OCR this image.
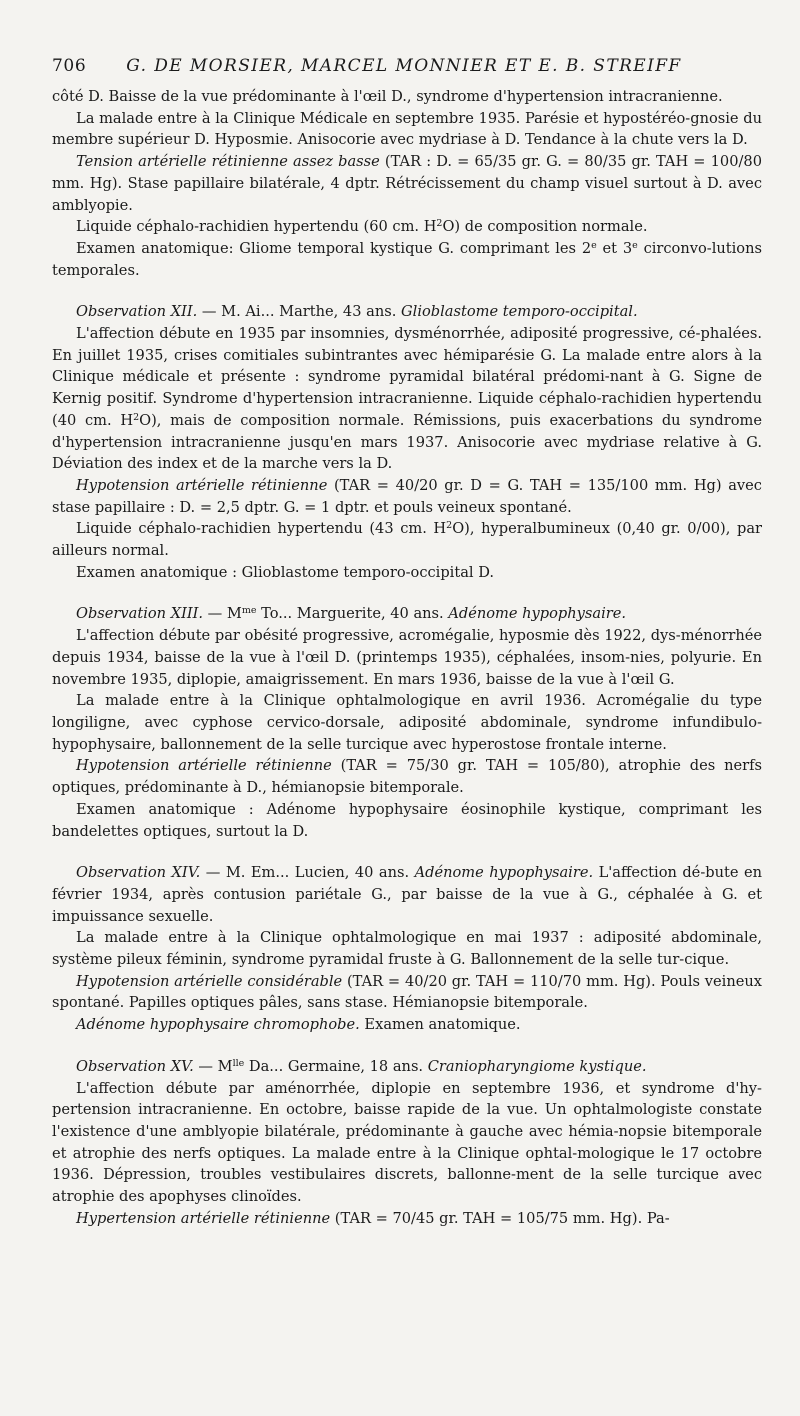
706 G. DE MORSIER, MARCEL MONNIER ET E. B. STREIFF

côté D. Baisse de la vue prédominante à l'œil D., syndrome d'hypertension intracranienne.

La malade entre à la Clinique Médicale en septembre 1935. Parésie et hypostéréo-gnosie du membre supérieur D. Hyposmie. Anisocorie avec mydriase à D. Tendance à la chute vers la D.

Tension artérielle rétinienne assez basse (TAR : D. = 65/35 gr. G. = 80/35 gr. TAH = 100/80 mm. Hg). Stase papillaire bilatérale, 4 dptr. Rétrécissement du champ visuel surtout à D. avec amblyopie.

Liquide céphalo-rachidien hypertendu (60 cm. $H^2O$) de composition normale.

Examen anatomique: Gliome temporal kystique G. comprimant les 2e et 3e circonvo-lutions temporales.

Observation XII. — M. Ai... Marthe, 43 ans. Glioblastome temporo-occipital.

L'affection débute en 1935 par insomnies, dysménorrhée, adiposité progressive, cé-phalées. En juillet 1935, crises comitiales subintrantes avec hémiparésie G. La malade entre alors à la Clinique médicale et présente : syndrome pyramidal bilatéral prédomi-nant à G. Signe de Kernig positif. Syndrome d'hypertension intracranienne. Liquide céphalo-rachidien hypertendu (40 cm. $H^2O$), mais de composition normale. Rémissions, puis exacerbations du syndrome d'hypertension intracranienne jusqu'en mars 1937. Anisocorie avec mydriase relative à G. Déviation des index et de la marche vers la D.

Hypotension artérielle rétinienne (TAR = 40/20 gr. D = G. TAH = 135/100 mm. Hg) avec stase papillaire : D. = 2,5 dptr. G. = 1 dptr. et pouls veineux spontané.

Liquide céphalo-rachidien hypertendu (43 cm. $H^2O$), hyperalbumineux (0,40 gr. 0/00), par ailleurs normal.

Examen anatomique : Glioblastome temporo-occipital D.

Observation XIII. — $M^{me}$ To... Marguerite, 40 ans. Adénome hypophysaire.

L'affection débute par obésité progressive, acromégalie, hyposmie dès 1922, dys-ménorrhée depuis 1934, baisse de la vue à l'œil D. (printemps 1935), céphalées, insom-nies, polyurie. En novembre 1935, diplopie, amaigrissement. En mars 1936, baisse de la vue à l'œil G.

La malade entre à la Clinique ophtalmologique en avril 1936. Acromégalie du type longiligne, avec cyphose cervico-dorsale, adiposité abdominale, syndrome infundibulo-hypophysaire, ballonnement de la selle turcique avec hyperostose frontale interne.

Hypotension artérielle rétinienne (TAR = 75/30 gr. TAH = 105/80), atrophie des nerfs optiques, prédominante à D., hémianopsie bitemporale.

Examen anatomique : Adénome hypophysaire éosinophile kystique, comprimant les bandelettes optiques, surtout la D.

Observation XIV. — M. Em... Lucien, 40 ans. Adénome hypophysaire. L'affection dé-bute en février 1934, après contusion pariétale G., par baisse de la vue à G., céphalée à G. et impuissance sexuelle.

La malade entre à la Clinique ophtalmologique en mai 1937 : adiposité abdominale, système pileux féminin, syndrome pyramidal fruste à G. Ballonnement de la selle tur-cique.

Hypotension artérielle considérable (TAR = 40/20 gr. TAH = 110/70 mm. Hg). Pouls veineux spontané. Papilles optiques pâles, sans stase. Hémianopsie bitemporale.

Adénome hypophysaire chromophobe. Examen anatomique.

Observation XV. — $M^{lle}$ Da... Germaine, 18 ans. Craniopharyngiome kystique.

L'affection débute par aménorrhée, diplopie en septembre 1936, et syndrome d'hy-pertension intracranienne. En octobre, baisse rapide de la vue. Un ophtalmologiste constate l'existence d'une amblyopie bilatérale, prédominante à gauche avec hémia-nopsie bitemporale et atrophie des nerfs optiques. La malade entre à la Clinique ophtal-mologique le 17 octobre 1936. Dépression, troubles vestibulaires discrets, ballonne-ment de la selle turcique avec atrophie des apophyses clinoïdes.

Hypertension artérielle rétinienne (TAR = 70/45 gr. TAH = 105/75 mm. Hg). Pa-
